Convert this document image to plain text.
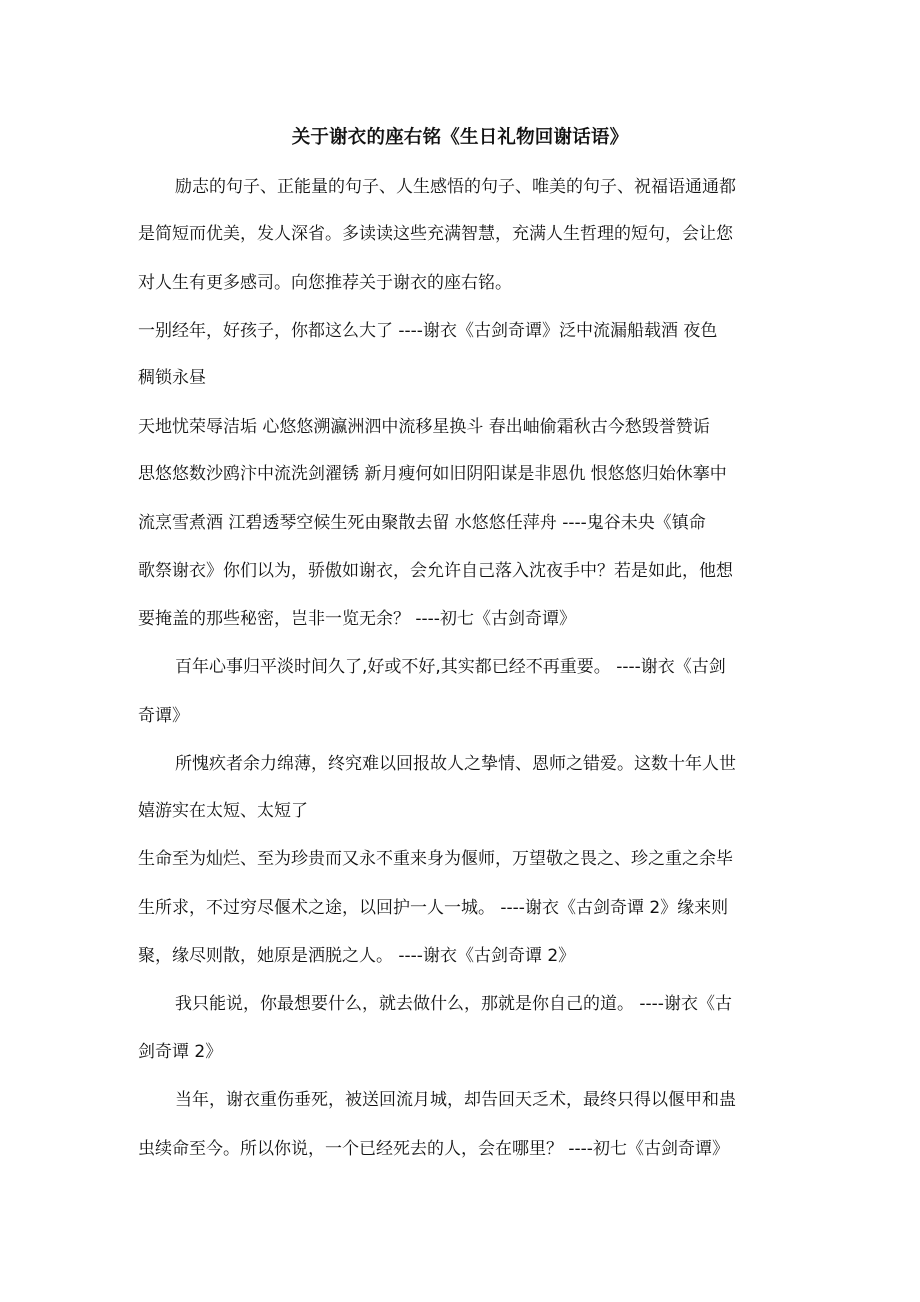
关于谢衣的座右铭《生日礼物回谢话语》
励志的句子、正能量的句子、人生感悟的句子、唯美的句子、祝福语通通都
是简短而优美，发人深省。多读读这些充满智慧，充满人生哲理的短句，会让您
对人生有更多感司。向您推荐关于谢衣的座右铭。
一别经年，好孩子，你都这么大了 ----谢衣《古剑奇谭》泛中流漏船载酒 夜色
稠锁永昼
天地忧荣辱洁垢 心悠悠溯瀛洲泗中流移星换斗 春出岫偷霜秋古今愁毁誉赞诟
思悠悠数沙鸥汴中流洗剑濯锈 新月瘦何如旧阴阳谋是非恩仇 恨悠悠归始休搴中
流烹雪煮酒 江碧透琴空候生死由聚散去留 水悠悠任萍舟 ----鬼谷未央《镇命
歌祭谢衣》你们以为，骄傲如谢衣，会允许自己落入沈夜手中？若是如此，他想
要掩盖的那些秘密，岂非一览无余？ ----初七《古剑奇谭》
百年心事归平淡时间久了,好或不好,其实都已经不再重要。 ----谢衣《古剑
奇谭》
所愧疚者余力绵薄，终究难以回报故人之挚情、恩师之错爱。这数十年人世
嬉游实在太短、太短了
生命至为灿烂、至为珍贵而又永不重来身为偃师，万望敬之畏之、珍之重之余毕
生所求，不过穷尽偃术之途，以回护一人一城。 ----谢衣《古剑奇谭 2》缘来则
聚，缘尽则散，她原是洒脱之人。 ----谢衣《古剑奇谭 2》
我只能说，你最想要什么，就去做什么，那就是你自己的道。 ----谢衣《古
剑奇谭 2》
当年，谢衣重伤垂死，被送回流月城，却告回天乏术，最终只得以偃甲和蛊
虫续命至今。所以你说，一个已经死去的人，会在哪里？ ----初七《古剑奇谭》
